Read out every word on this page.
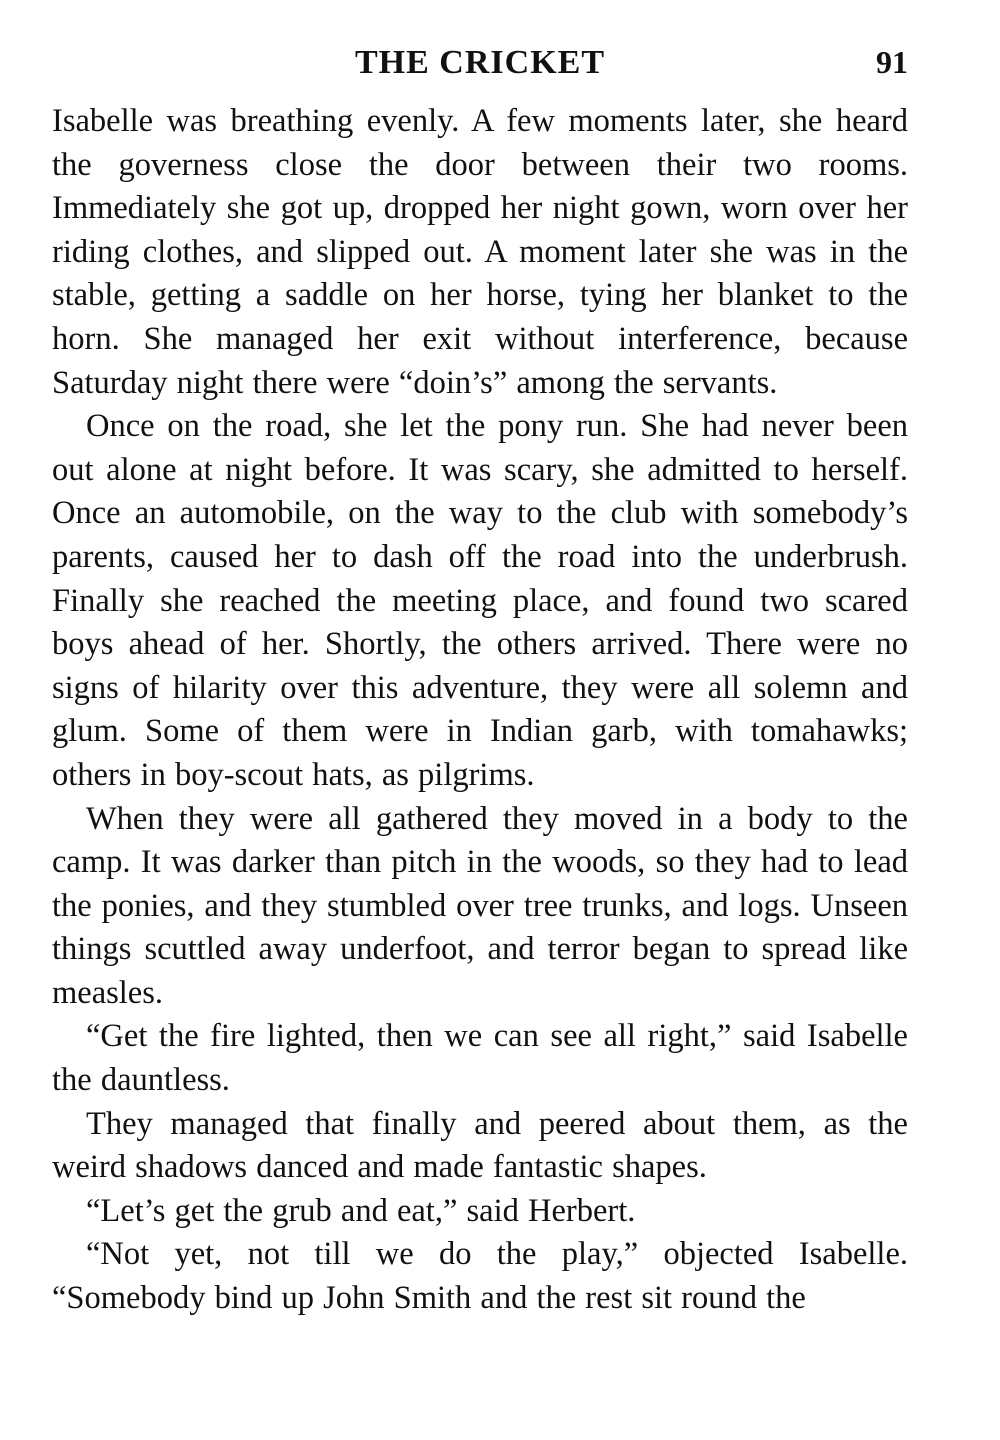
THE CRICKET	91

Isabelle was breathing evenly. A few moments later, she heard the governess close the door between their two rooms. Immediately she got up, dropped her night gown, worn over her riding clothes, and slipped out. A moment later she was in the stable, getting a saddle on her horse, tying her blanket to the horn. She managed her exit without interference, because Saturday night there were “doin’s” among the servants.

Once on the road, she let the pony run. She had never been out alone at night before. It was scary, she admitted to herself. Once an automobile, on the way to the club with somebody’s parents, caused her to dash off the road into the underbrush. Finally she reached the meeting place, and found two scared boys ahead of her. Shortly, the others arrived. There were no signs of hilarity over this adventure, they were all solemn and glum. Some of them were in Indian garb, with tomahawks; others in boy-scout hats, as pilgrims.

When they were all gathered they moved in a body to the camp. It was darker than pitch in the woods, so they had to lead the ponies, and they stumbled over tree trunks, and logs. Unseen things scuttled away underfoot, and terror began to spread like measles.

“Get the fire lighted, then we can see all right,” said Isabelle the dauntless.

They managed that finally and peered about them, as the weird shadows danced and made fantastic shapes.

“Let’s get the grub and eat,” said Herbert.

“Not yet, not till we do the play,” objected Isabelle. “Somebody bind up John Smith and the rest sit round the
